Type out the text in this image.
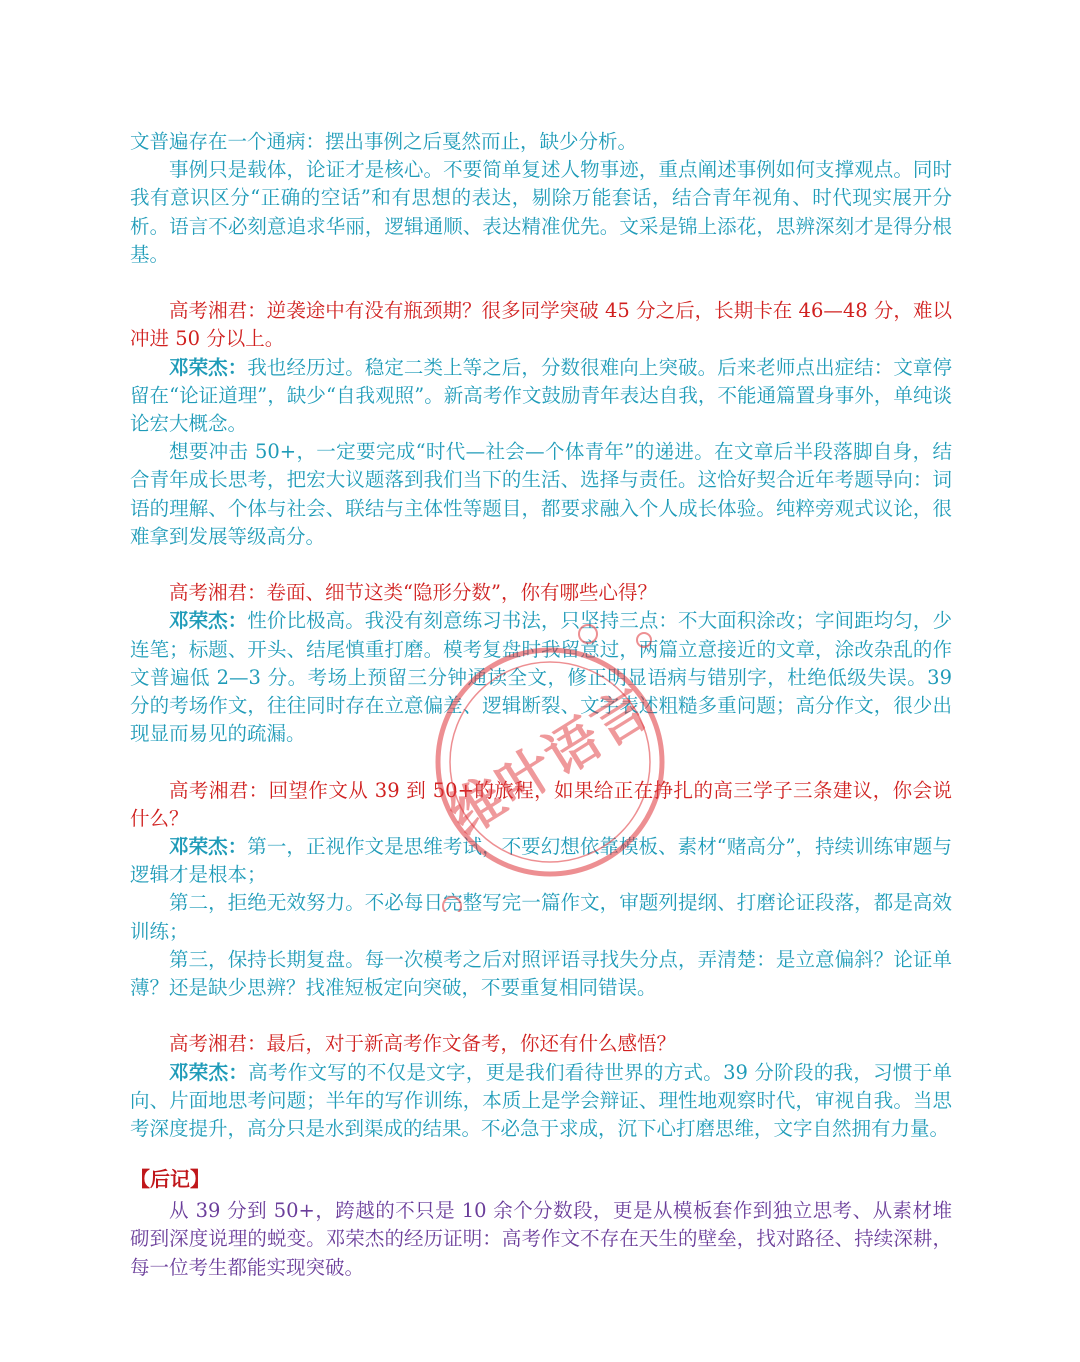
文普遍存在一个通病：摆出事例之后戛然而止，缺少分析。

事例只是载体，论证才是核心。不要简单复述人物事迹，重点阐述事例如何支撑观点。同时我有意识区分“正确的空话”和有思想的表达，剔除万能套话，结合青年视角、时代现实展开分析。语言不必刻意追求华丽，逻辑通顺、表达精准优先。文采是锦上添花，思辨深刻才是得分根基。

高考湘君：逆袭途中有没有瓶颈期？很多同学突破 45 分之后，长期卡在 46—48 分，难以冲进 50 分以上。

邓荣杰：我也经历过。稳定二类上等之后，分数很难向上突破。后来老师点出症结：文章停留在“论证道理”，缺少“自我观照”。新高考作文鼓励青年表达自我，不能通篇置身事外，单纯谈论宏大概念。

想要冲击 50+，一定要完成“时代—社会—个体青年”的递进。在文章后半段落脚自身，结合青年成长思考，把宏大议题落到我们当下的生活、选择与责任。这恰好契合近年考题导向：词语的理解、个体与社会、联结与主体性等题目，都要求融入个人成长体验。纯粹旁观式议论，很难拿到发展等级高分。

高考湘君：卷面、细节这类“隐形分数”，你有哪些心得？

邓荣杰：性价比极高。我没有刻意练习书法，只坚持三点：不大面积涂改；字间距均匀，少连笔；标题、开头、结尾慎重打磨。模考复盘时我留意过，两篇立意接近的文章，涂改杂乱的作文普遍低 2—3 分。考场上预留三分钟通读全文，修正明显语病与错别字，杜绝低级失误。39 分的考场作文，往往同时存在立意偏差、逻辑断裂、文字表述粗糙多重问题；高分作文，很少出现显而易见的疏漏。

高考湘君：回望作文从 39 到 50+的旅程，如果给正在挣扎的高三学子三条建议，你会说什么？

邓荣杰：第一，正视作文是思维考试，不要幻想依靠模板、素材“赌高分”，持续训练审题与逻辑才是根本；

第二，拒绝无效努力。不必每日完整写完一篇作文，审题列提纲、打磨论证段落，都是高效训练；

第三，保持长期复盘。每一次模考之后对照评语寻找失分点，弄清楚：是立意偏斜？论证单薄？还是缺少思辨？找准短板定向突破，不要重复相同错误。

高考湘君：最后，对于新高考作文备考，你还有什么感悟？

邓荣杰：高考作文写的不仅是文字，更是我们看待世界的方式。39 分阶段的我，习惯于单向、片面地思考问题；半年的写作训练，本质上是学会辩证、理性地观察时代，审视自我。当思考深度提升，高分只是水到渠成的结果。不必急于求成，沉下心打磨思维，文字自然拥有力量。

【后记】

从 39 分到 50+，跨越的不只是 10 余个分数段，更是从模板套作到独立思考、从素材堆砌到深度说理的蜕变。邓荣杰的经历证明：高考作文不存在天生的壁垒，找对路径、持续深耕，每一位考生都能实现突破。

维叶语言
